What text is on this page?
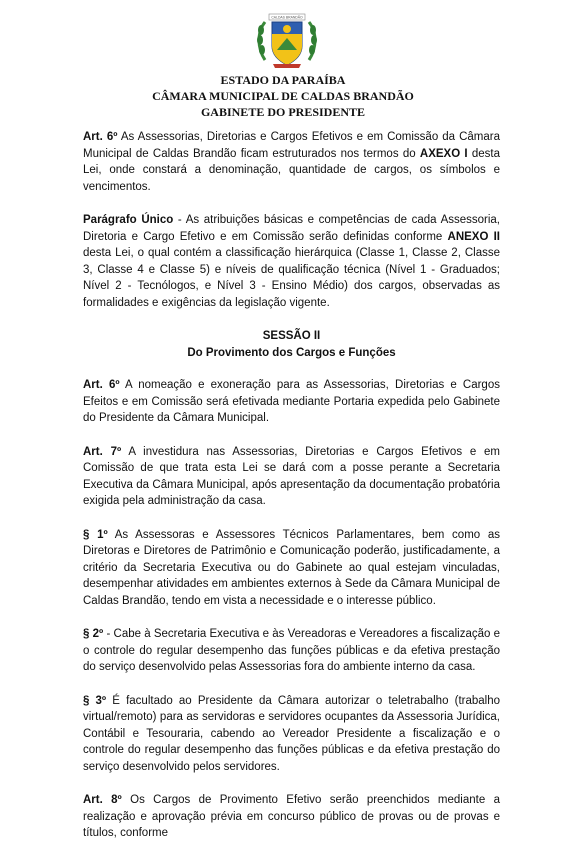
CALDAS BRANDÃO
ESTADO DA PARAÍBA
CÂMARA MUNICIPAL DE CALDAS BRANDÃO
GABINETE DO PRESIDENTE

Art. 6º As Assessorias, Diretorias e Cargos Efetivos e em Comissão da Câmara Municipal de Caldas Brandão ficam estruturados nos termos do AXEXO I desta Lei, onde constará a denominação, quantidade de cargos, os símbolos e vencimentos.

Parágrafo Único - As atribuições básicas e competências de cada Assessoria, Diretoria e Cargo Efetivo e em Comissão serão definidas conforme ANEXO II desta Lei, o qual contém a classificação hierárquica (Classe 1, Classe 2, Classe 3, Classe 4 e Classe 5) e níveis de qualificação técnica (Nível 1 - Graduados; Nível 2 - Tecnólogos, e Nível 3 - Ensino Médio) dos cargos, observadas as formalidades e exigências da legislação vigente.

SESSÃO II
Do Provimento dos Cargos e Funções

Art. 6º A nomeação e exoneração para as Assessorias, Diretorias e Cargos Efeitos e em Comissão será efetivada mediante Portaria expedida pelo Gabinete do Presidente da Câmara Municipal.

Art. 7º A investidura nas Assessorias, Diretorias e Cargos Efetivos e em Comissão de que trata esta Lei se dará com a posse perante a Secretaria Executiva da Câmara Municipal, após apresentação da documentação probatória exigida pela administração da casa.

§ 1º As Assessoras e Assessores Técnicos Parlamentares, bem como as Diretoras e Diretores de Patrimônio e Comunicação poderão, justificadamente, a critério da Secretaria Executiva ou do Gabinete ao qual estejam vinculadas, desempenhar atividades em ambientes externos à Sede da Câmara Municipal de Caldas Brandão, tendo em vista a necessidade e o interesse público.

§ 2º - Cabe à Secretaria Executiva e às Vereadoras e Vereadores a fiscalização e o controle do regular desempenho das funções públicas e da efetiva prestação do serviço desenvolvido pelas Assessorias fora do ambiente interno da casa.

§ 3º É facultado ao Presidente da Câmara autorizar o teletrabalho (trabalho virtual/remoto) para as servidoras e servidores ocupantes da Assessoria Jurídica, Contábil e Tesouraria, cabendo ao Vereador Presidente a fiscalização e o controle do regular desempenho das funções públicas e da efetiva prestação do serviço desenvolvido pelos servidores.

Art. 8º Os Cargos de Provimento Efetivo serão preenchidos mediante a realização e aprovação prévia em concurso público de provas ou de provas e títulos, conforme
